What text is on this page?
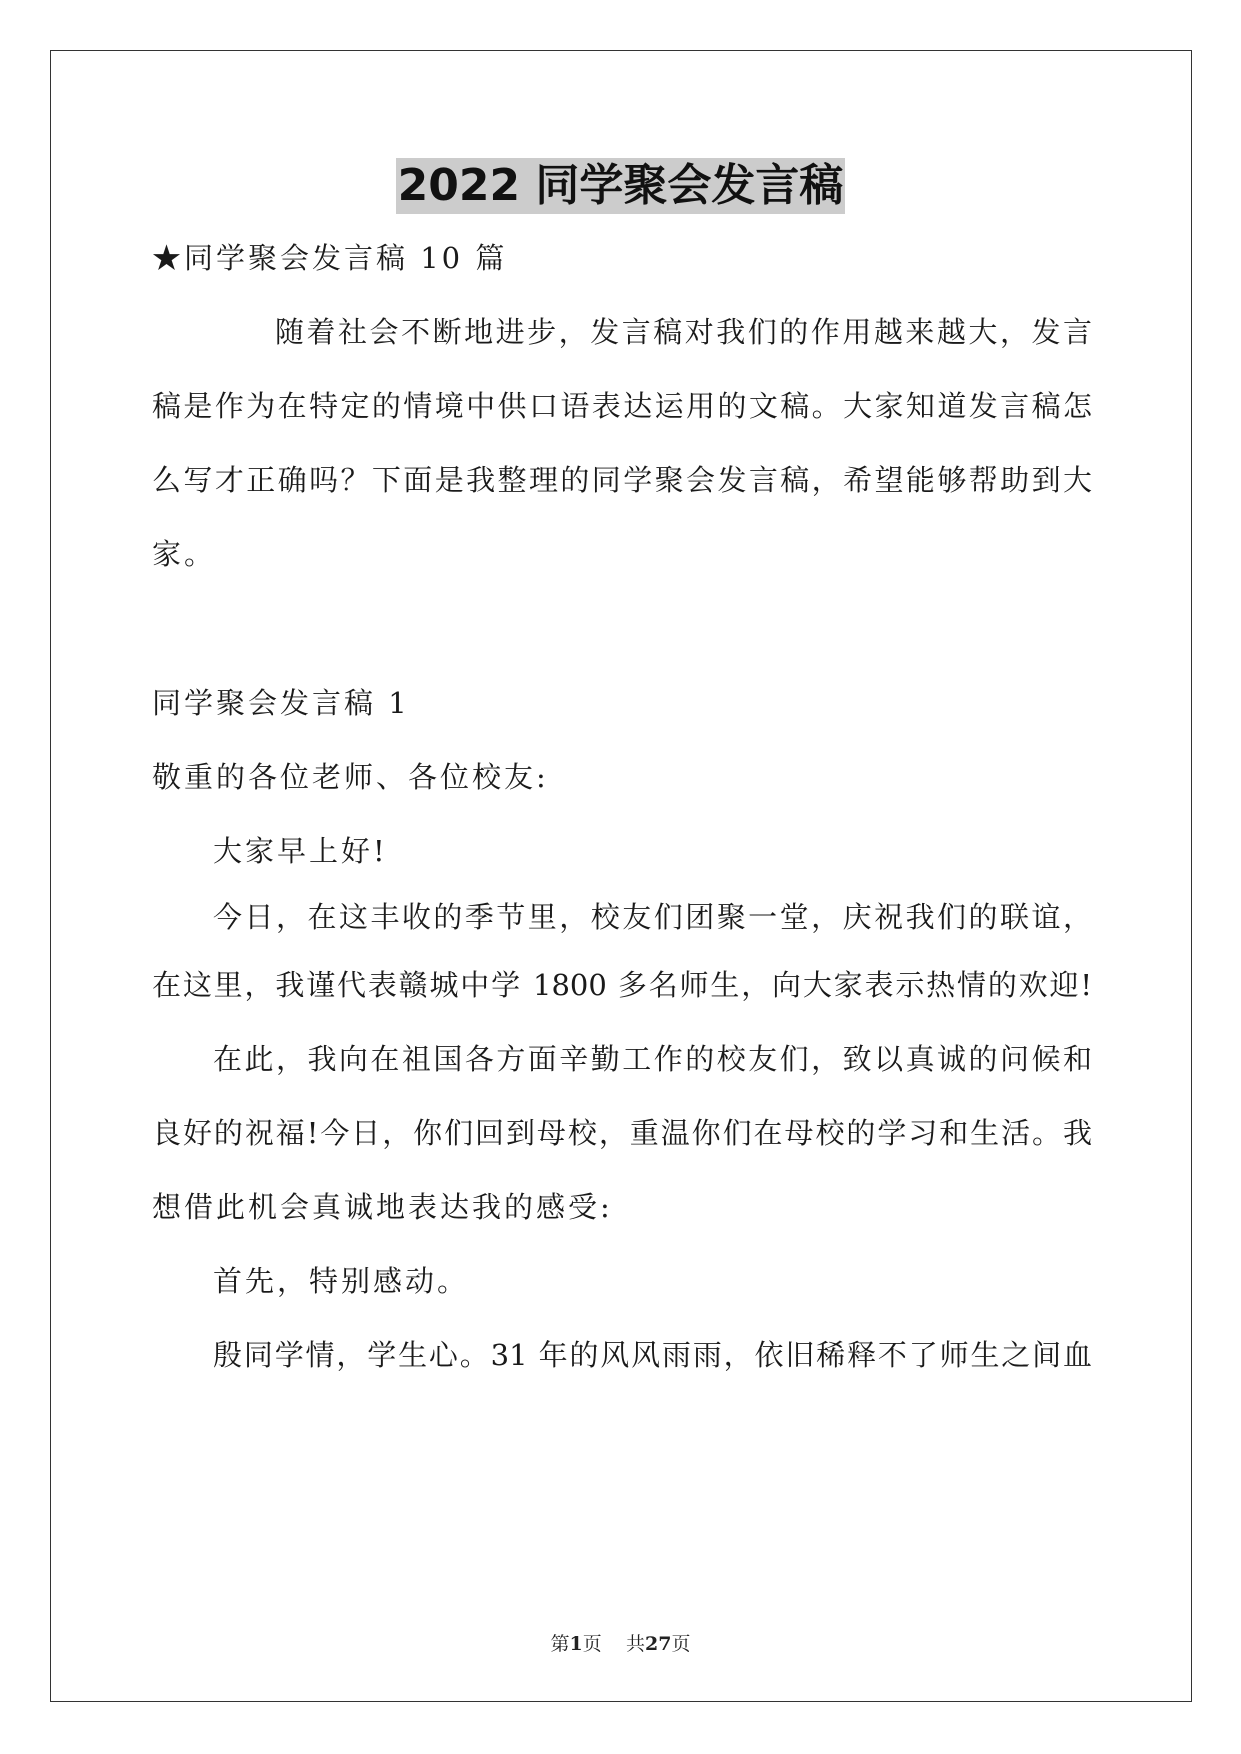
2022 同学聚会发言稿
★同学聚会发言稿 10 篇
随着社会不断地进步，发言稿对我们的作用越来越大，发言
稿是作为在特定的情境中供口语表达运用的文稿。大家知道发言稿怎
么写才正确吗？下面是我整理的同学聚会发言稿，希望能够帮助到大
家。
同学聚会发言稿 1
敬重的各位老师、各位校友:
大家早上好!
今日，在这丰收的季节里，校友们团聚一堂，庆祝我们的联谊，
在这里，我谨代表赣城中学 1800 多名师生，向大家表示热情的欢迎!
在此，我向在祖国各方面辛勤工作的校友们，致以真诚的问候和
良好的祝福!今日，你们回到母校，重温你们在母校的学习和生活。我
想借此机会真诚地表达我的感受:
首先，特别感动。
殷同学情，学生心。31 年的风风雨雨，依旧稀释不了师生之间血
第1页 共27页
